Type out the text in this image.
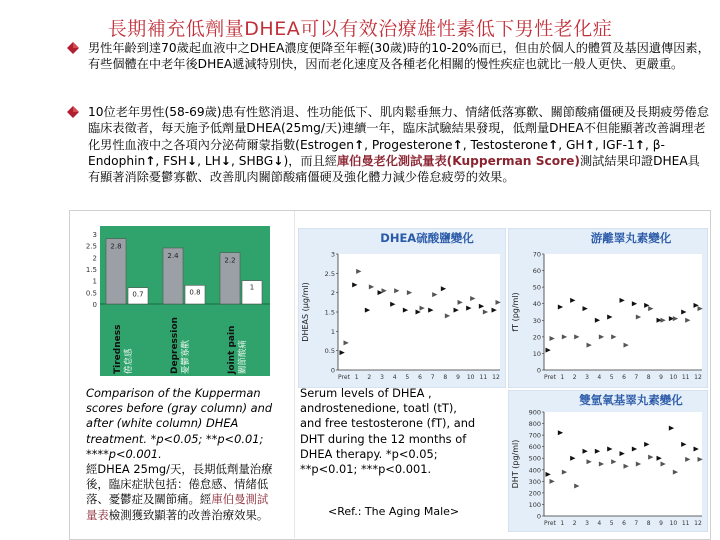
長期補充低劑量DHEA可以有效治療雄性素低下男性老化症
男性年齡到達70歲起血液中之DHEA濃度便降至年輕(30歲)時的10-20%而已，但由於個人的體質及基因遺傳因素，有些個體在中老年後DHEA遞減特別快，因而老化速度及各種老化相關的慢性疾症也就比一般人更快、更嚴重。
10位老年男性(58-69歲)患有性慾消退、性功能低下、肌肉鬆垂無力、情緒低落寡歡、關節酸痛僵硬及長期疲勞倦怠臨床表徵者，每天施予低劑量DHEA(25mg/天)連續一年，臨床試驗結果發現，低劑量DHEA不但能顯著改善調理老化男性血液中之各項內分泌荷爾蒙指數(Estrogen↑, Progesterone↑, Testosterone↑, GH↑, IGF-1↑, β-Endophin↑, FSH↓, LH↓, SHBG↓)，而且經庫伯曼老化測試量表(Kupperman Score)測試結果印證DHEA具有顯著消除憂鬱寡歡、改善肌肉關節酸痛僵硬及強化體力減少倦怠疲勞的效果。
3
2.5
2
1.5
1
0.5
0
2.8
0.7
Tiredness 倦怠感
2.4
0.8
Depression 憂鬱寡歡
2.2
1
Joint pain 關節酸痛
DHEA硫酸鹽變化
0
0.5
1
1.5
2
2.5
3
Pret 1 2 3 4 5 6 7 8 9 10 11 12
DHEAS (μg/ml)
游離睪丸素變化
0
10
20
30
40
50
60
70
Pret 1 2 3 4 5 6 7 8 9 10 11 12
fT (pg/ml)
雙氫氧基睪丸素變化
0
100
200
300
400
500
600
700
800
900
Pret 1 2 3 4 5 6 7 8 9 10 11 12
DHT (pg/ml)
Comparison of the Kupperman scores before (gray column) and after (white column) DHEA treatment. *p<0.05; **p<0.01; ****p<0.001.
經DHEA 25mg/天，長期低劑量治療後，臨床症狀包括：倦怠感、情緒低落、憂鬱症及關節痛。經庫伯曼測試量表檢測獲致顯著的改善治療效果。
Serum levels of DHEA , androstenedione, toatl (tT), and free testosterone (fT), and DHT during the 12 months of DHEA therapy. *p<0.05; **p<0.01; ***p<0.001.
<Ref.: The Aging Male>
